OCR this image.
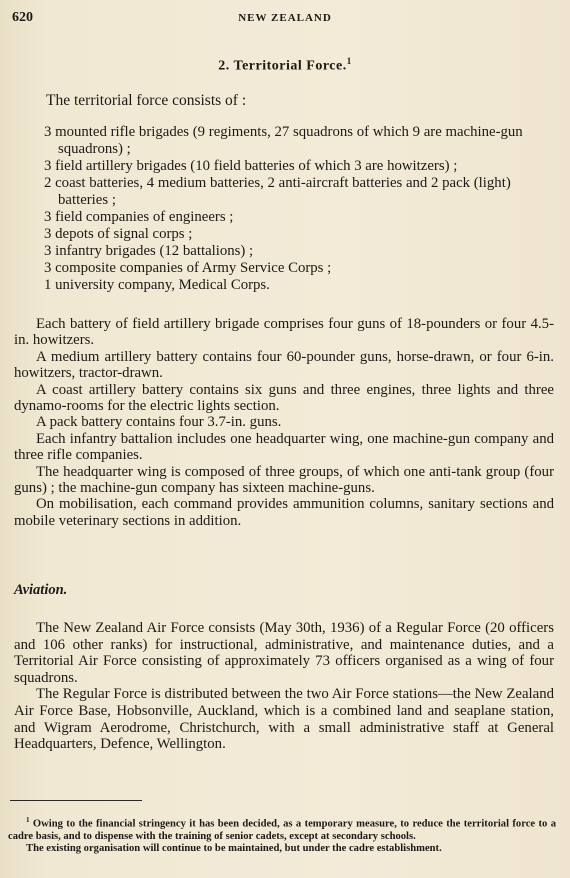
620	NEW ZEALAND
2. Territorial Force.$^1$
The territorial force consists of :

3 mounted rifle brigades (9 regiments, 27 squadrons of which 9 are machine-gun squadrons) ;

3 field artillery brigades (10 field batteries of which 3 are howitzers) ;

2 coast batteries, 4 medium batteries, 2 anti-aircraft batteries and 2 pack (light) batteries ;

3 field companies of engineers ;

3 depots of signal corps ;

3 infantry brigades (12 battalions) ;

3 composite companies of Army Service Corps ;

1 university company, Medical Corps.

Each battery of field artillery brigade comprises four guns of 18-pounders or four 4.5-in. howitzers.

A medium artillery battery contains four 60-pounder guns, horse-drawn, or four 6-in. howitzers, tractor-drawn.

A coast artillery battery contains six guns and three engines, three lights and three dynamo-rooms for the electric lights section.

A pack battery contains four 3.7-in. guns.

Each infantry battalion includes one headquarter wing, one machine-gun company and three rifle companies.

The headquarter wing is composed of three groups, of which one anti-tank group (four guns) ; the machine-gun company has sixteen machine-guns.

On mobilisation, each command provides ammunition columns, sanitary sections and mobile veterinary sections in addition.

Aviation.

The New Zealand Air Force consists (May 30th, 1936) of a Regular Force (20 officers and 106 other ranks) for instructional, administrative, and maintenance duties, and a Territorial Air Force consisting of approximately 73 officers organised as a wing of four squadrons.

The Regular Force is distributed between the two Air Force stations—the New Zealand Air Force Base, Hobsonville, Auckland, which is a combined land and seaplane station, and Wigram Aerodrome, Christchurch, with a small administrative staff at General Headquarters, Defence, Wellington.

$^1$ Owing to the financial stringency it has been decided, as a temporary measure, to reduce the territorial force to a cadre basis, and to dispense with the training of senior cadets, except at secondary schools.

The existing organisation will continue to be maintained, but under the cadre establishment.
